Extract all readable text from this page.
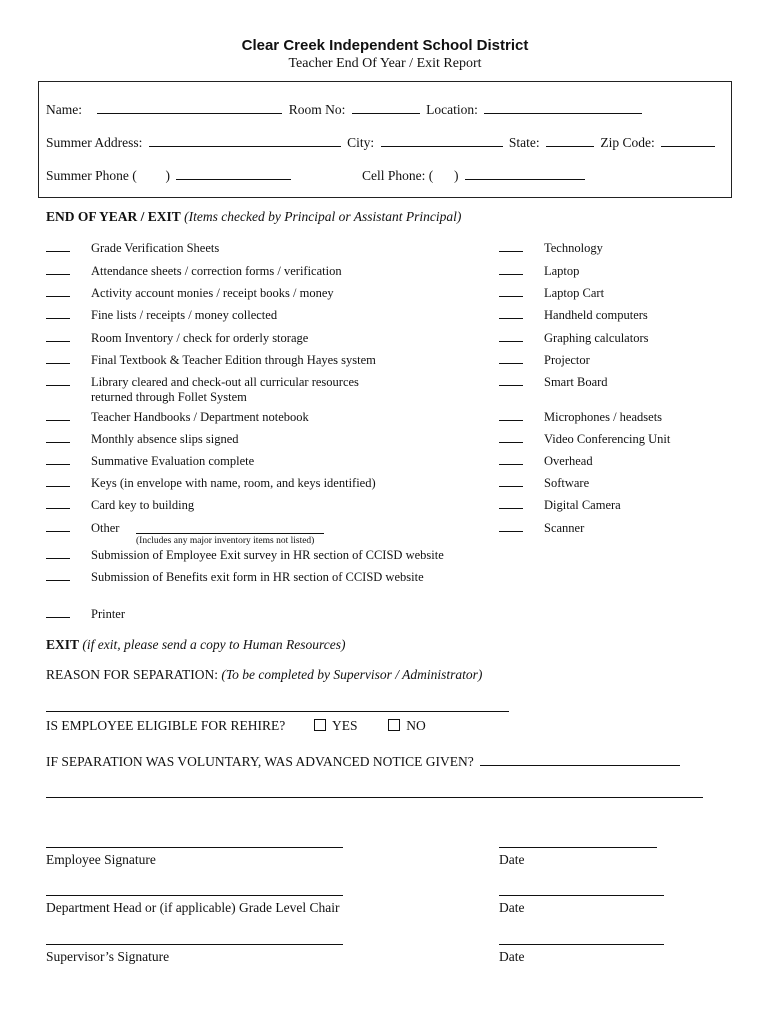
Clear Creek Independent School District
Teacher End Of Year / Exit Report
Name:	Room No:	Location:
Summer Address:	City:	State:	Zip Code:
Summer Phone ( )	Cell Phone: ( )
END OF YEAR / EXIT (Items checked by Principal or Assistant Principal)
Grade Verification Sheets
Attendance sheets / correction forms / verification
Activity account monies / receipt books / money
Fine lists / receipts / money collected
Room Inventory / check for orderly storage
Final Textbook & Teacher Edition through Hayes system
Library cleared and check-out all curricular resources
returned through Follet System
Teacher Handbooks / Department notebook
Monthly absence slips signed
Summative Evaluation complete
Keys (in envelope with name, room, and keys identified)
Card key to building
Other
(Includes any major inventory items not listed)
Submission of Employee Exit survey in HR section of CCISD website
Submission of Benefits exit form in HR section of CCISD website
Printer
Technology
Laptop
Laptop Cart
Handheld computers
Graphing calculators
Projector
Smart Board
Microphones / headsets
Video Conferencing Unit
Overhead
Software
Digital Camera
Scanner
EXIT (if exit, please send a copy to Human Resources)
REASON FOR SEPARATION: (To be completed by Supervisor / Administrator)
IS EMPLOYEE ELIGIBLE FOR REHIRE?	YES	NO
IF SEPARATION WAS VOLUNTARY, WAS ADVANCED NOTICE GIVEN?
Employee Signature	Date
Department Head or (if applicable) Grade Level Chair	Date
Supervisor’s Signature	Date
